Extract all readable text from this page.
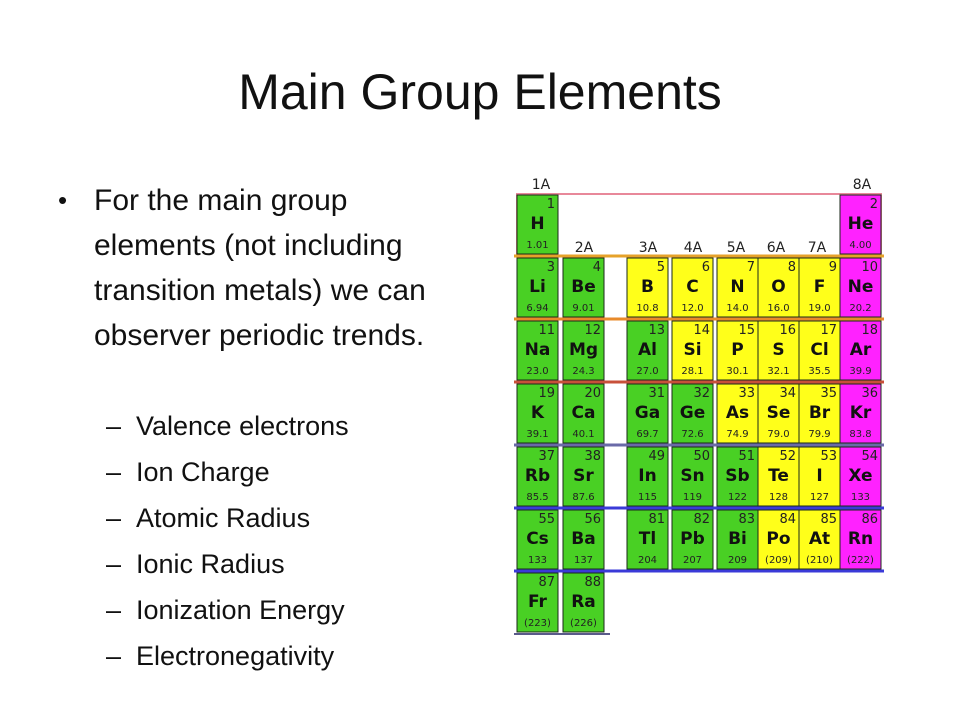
Main Group Elements
• For the main group elements (not including transition metals) we can observer periodic trends.
– Valence electrons
– Ion Charge
– Atomic Radius
– Ionic Radius
– Ionization Energy
– Electronegativity
1A
2A	3A 4A 5A 6A 7A
8A
1
H
1.01
2
He
4.00
3
Li
6.94
4
Be
9.01
5
B
10.8
6
C
12.0
7
N
14.0
8
O
16.0
9
F
19.0
10
Ne
20.2
11
Na
23.0
12
Mg
24.3
13
Al
27.0
14
Si
28.1
15
P
30.1
16
S
32.1
17
Cl
35.5
18
Ar
39.9
19
K
39.1
20
Ca
40.1
31
Ga
69.7
32
Ge
72.6
33
As
74.9
34
Se
79.0
35
Br
79.9
36
Kr
83.8
37
Rb
85.5
38
Sr
87.6
49
In
115
50
Sn
119
51
Sb
122
52
Te
128
53
I
127
54
Xe
133
55
Cs
133
56
Ba
137
81
Tl
204
82
Pb
207
83
Bi
209
84
Po
(209)
85
At
(210)
86
Rn
(222)
87
Fr
(223)
88
Ra
(226)
